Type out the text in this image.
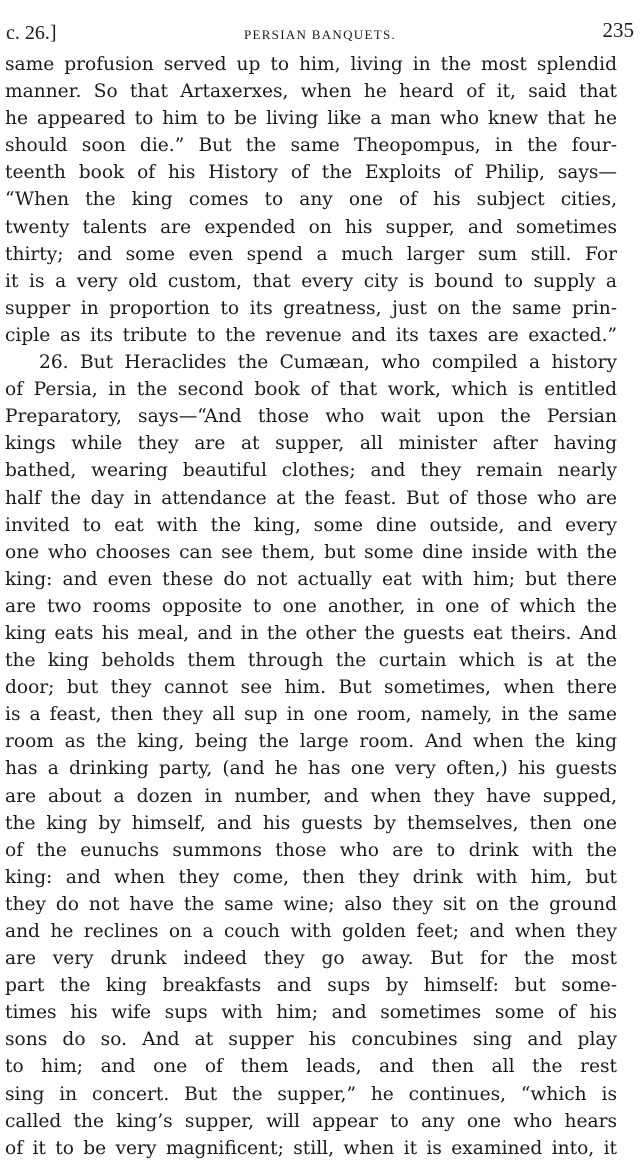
c. 26.]	PERSIAN BANQUETS.	235
same profusion served up to him, living in the most splendid
manner. So that Artaxerxes, when he heard of it, said that
he appeared to him to be living like a man who knew that he
should soon die.” But the same Theopompus, in the four-
teenth book of his History of the Exploits of Philip, says—
“When the king comes to any one of his subject cities,
twenty talents are expended on his supper, and sometimes
thirty; and some even spend a much larger sum still. For
it is a very old custom, that every city is bound to supply a
supper in proportion to its greatness, just on the same prin-
ciple as its tribute to the revenue and its taxes are exacted.”
26. But Heraclides the Cumæan, who compiled a history
of Persia, in the second book of that work, which is entitled
Preparatory, says—“And those who wait upon the Persian
kings while they are at supper, all minister after having
bathed, wearing beautiful clothes; and they remain nearly
half the day in attendance at the feast. But of those who are
invited to eat with the king, some dine outside, and every
one who chooses can see them, but some dine inside with the
king: and even these do not actually eat with him; but there
are two rooms opposite to one another, in one of which the
king eats his meal, and in the other the guests eat theirs. And
the king beholds them through the curtain which is at the
door; but they cannot see him. But sometimes, when there
is a feast, then they all sup in one room, namely, in the same
room as the king, being the large room. And when the king
has a drinking party, (and he has one very often,) his guests
are about a dozen in number, and when they have supped,
the king by himself, and his guests by themselves, then one
of the eunuchs summons those who are to drink with the
king: and when they come, then they drink with him, but
they do not have the same wine; also they sit on the ground
and he reclines on a couch with golden feet; and when they
are very drunk indeed they go away. But for the most
part the king breakfasts and sups by himself: but some-
times his wife sups with him; and sometimes some of his
sons do so. And at supper his concubines sing and play
to him; and one of them leads, and then all the rest
sing in concert. But the supper,” he continues, “which is
called the king’s supper, will appear to any one who hears
of it to be very magnificent; still, when it is examined into, it
